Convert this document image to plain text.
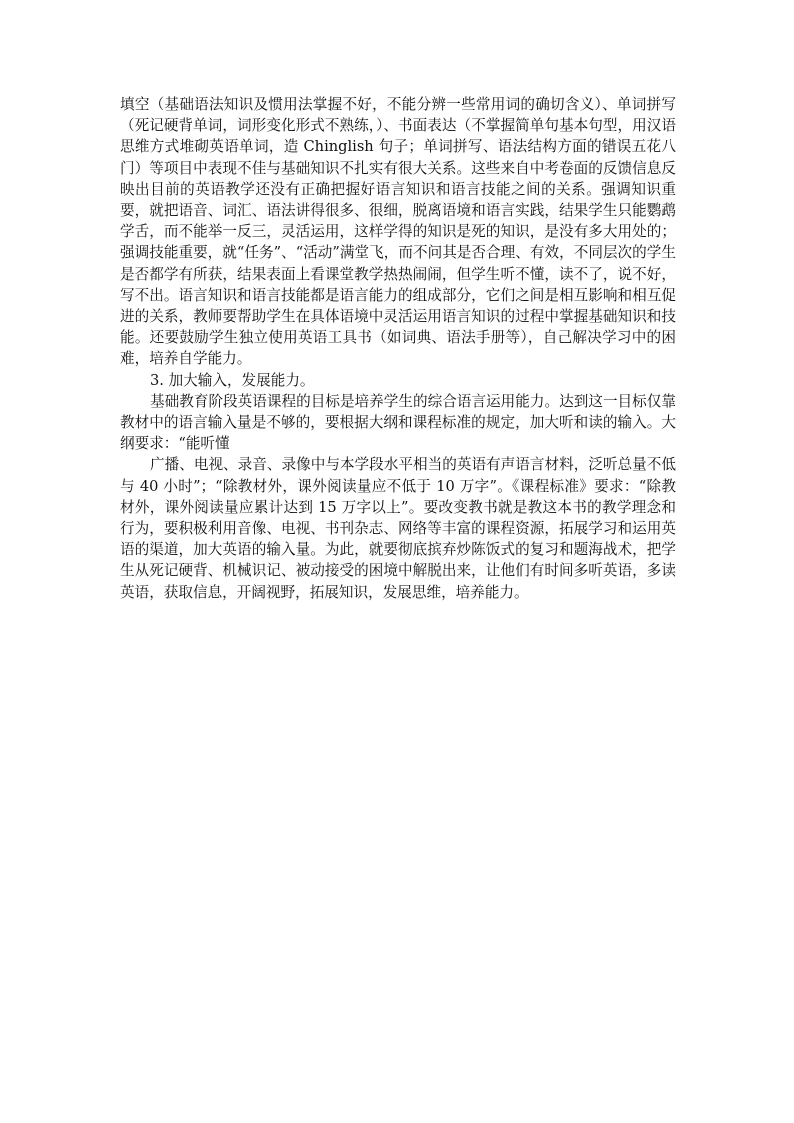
填空（基础语法知识及惯用法掌握不好，不能分辨一些常用词的确切含义）、单词拼写（死记硬背单词，词形变化形式不熟练，）、书面表达（不掌握简单句基本句型，用汉语思维方式堆砌英语单词，造 Chinglish 句子；单词拼写、语法结构方面的错误五花八门）等项目中表现不佳与基础知识不扎实有很大关系。这些来自中考卷面的反馈信息反映出目前的英语教学还没有正确把握好语言知识和语言技能之间的关系。强调知识重要，就把语音、词汇、语法讲得很多、很细，脱离语境和语言实践，结果学生只能鹦鹉学舌，而不能举一反三，灵活运用，这样学得的知识是死的知识，是没有多大用处的；强调技能重要，就“任务”、“活动”满堂飞，而不问其是否合理、有效，不同层次的学生是否都学有所获，结果表面上看课堂教学热热闹闹，但学生听不懂，读不了，说不好，写不出。语言知识和语言技能都是语言能力的组成部分，它们之间是相互影响和相互促进的关系，教师要帮助学生在具体语境中灵活运用语言知识的过程中掌握基础知识和技能。还要鼓励学生独立使用英语工具书（如词典、语法手册等），自己解决学习中的困难，培养自学能力。

3. 加大输入，发展能力。

基础教育阶段英语课程的目标是培养学生的综合语言运用能力。达到这一目标仅靠教材中的语言输入量是不够的，要根据大纲和课程标准的规定，加大听和读的输入。大纲要求：“能听懂

广播、电视、录音、录像中与本学段水平相当的英语有声语言材料，泛听总量不低与 40 小时”；“除教材外，课外阅读量应不低于 10 万字”。《课程标准》要求：“除教材外，课外阅读量应累计达到 15 万字以上”。要改变教书就是教这本书的教学理念和行为，要积极利用音像、电视、书刊杂志、网络等丰富的课程资源，拓展学习和运用英语的渠道，加大英语的输入量。为此，就要彻底摈弃炒陈饭式的复习和题海战术，把学生从死记硬背、机械识记、被动接受的困境中解脱出来，让他们有时间多听英语，多读英语，获取信息，开阔视野，拓展知识，发展思维，培养能力。
